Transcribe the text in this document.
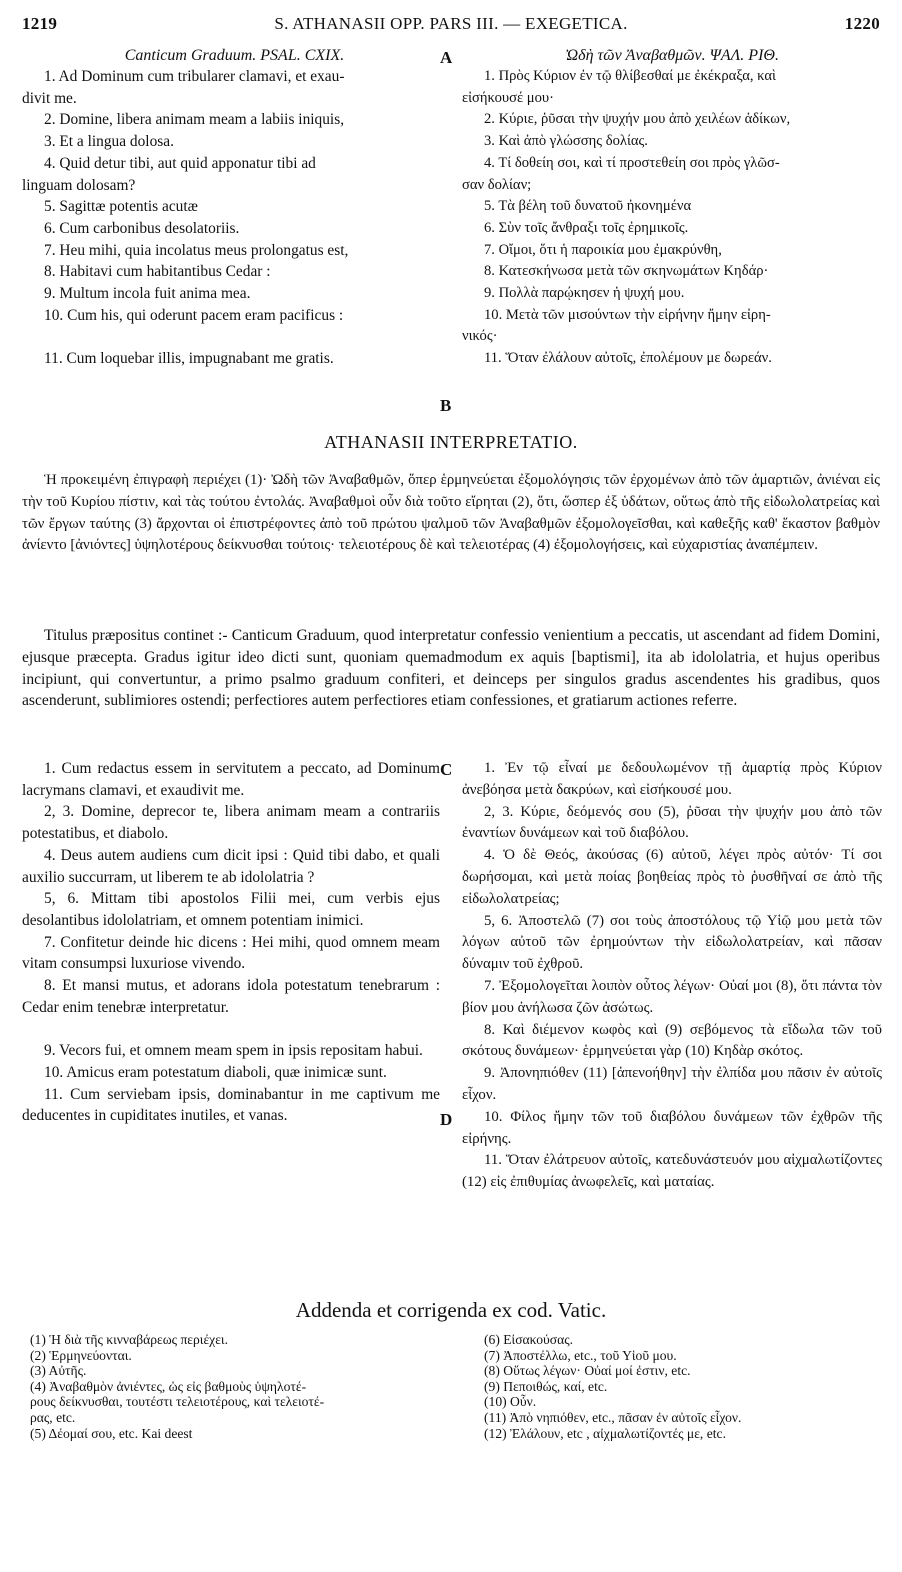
1219	S. ATHANASII OPP. PARS III. — EXEGETICA.	1220
Canticum Graduum. PSAL. CXIX.
1. Ad Dominum cum tribularer clamavi, et exau-
divit me.
2. Domine, libera animam meam a labiis iniquis,
3. Et a lingua dolosa.
4. Quid detur tibi, aut quid apponatur tibi ad
linguam dolosam?
5. Sagittæ potentis acutæ
6. Cum carbonibus desolatoriis.
7. Heu mihi, quia incolatus meus prolongatus est,
8. Habitavi cum habitantibus Cedar :
9. Multum incola fuit anima mea.
10. Cum his, qui oderunt pacem eram pacificus :
11. Cum loquebar illis, impugnabant me gratis.
A
B
Ὠδὴ τῶν Ἀναβαθμῶν. ΨΑΛ. ΡΙΘ.
1. Πρὸς Κύριον ἐν τῷ θλίβεσθαί με ἐκέκραξα, καὶ
εἰσήκουσέ μου·
2. Κύριε, ῥῦσαι τὴν ψυχήν μου ἀπὸ χειλέων ἀδίκων,
3. Καὶ ἀπὸ γλώσσης δολίας.
4. Τί δοθείη σοι, καὶ τί προστεθείη σοι πρὸς γλῶσ-
σαν δολίαν;
5. Τὰ βέλη τοῦ δυνατοῦ ἠκονημένα
6. Σὺν τοῖς ἄνθραξι τοῖς ἐρημικοῖς.
7. Οἴμοι, ὅτι ἡ παροικία μου ἐμακρύνθη,
8. Κατεσκήνωσα μετὰ τῶν σκηνωμάτων Κηδάρ·
9. Πολλὰ παρῴκησεν ἡ ψυχή μου.
10. Μετὰ τῶν μισούντων τὴν εἰρήνην ἤμην εἰρη-
νικός·
11. Ὅταν ἐλάλουν αὐτοῖς, ἐπολέμουν με δωρεάν.
ATHANASII INTERPRETATIO.
Ἡ προκειμένη ἐπιγραφὴ περιέχει (1)· Ὠδὴ τῶν Ἀναβαθμῶν, ὅπερ ἑρμηνεύεται ἐξομολόγησις τῶν ἐρχομένων ἀπὸ τῶν ἁμαρτιῶν, ἀνιέναι εἰς τὴν τοῦ Κυρίου πίστιν, καὶ τὰς τούτου ἐντολάς. Ἀναβαθμοὶ οὖν διὰ τοῦτο εἴρηται (2), ὅτι, ὥσπερ ἐξ ὑδάτων, οὕτως ἀπὸ τῆς εἰδωλολατρείας καὶ τῶν ἔργων ταύτης (3) ἄρχονται οἱ ἐπιστρέφοντες ἀπὸ τοῦ πρώτου ψαλμοῦ τῶν Ἀναβαθμῶν ἐξομολογεῖσθαι, καὶ καθεξῆς καθ' ἕκαστον βαθμὸν ἀνίεντο [ἀνιόντες] ὑψηλοτέρους δείκνυσθαι τούτοις· τελειοτέρους δὲ καὶ τελειοτέρας (4) ἐξομολογήσεις, καὶ εὐχαριστίας ἀναπέμπειν.
Titulus præpositus continet :- Canticum Graduum, quod interpretatur confessio venientium a peccatis, ut ascendant ad fidem Domini, ejusque præcepta. Gradus igitur ideo dicti sunt, quoniam quemadmodum ex aquis [baptismi], ita ab idololatria, et hujus operibus incipiunt, qui convertuntur, a primo psalmo graduum confiteri, et deinceps per singulos gradus ascendentes his gradibus, quos ascenderunt, sublimiores ostendi; perfectiores autem perfectiores etiam confessiones, et gratiarum actiones referre.
C
D
1. Cum redactus essem in servitutem a peccato, ad Dominum lacrymans clamavi, et exaudivit me.
2, 3. Domine, deprecor te, libera animam meam a contrariis potestatibus, et diabolo.
4. Deus autem audiens cum dicit ipsi : Quid tibi dabo, et quali auxilio succurram, ut liberem te ab idololatria ?
5, 6. Mittam tibi apostolos Filii mei, cum verbis ejus desolantibus idololatriam, et omnem potentiam inimici.
7. Confitetur deinde hic dicens : Hei mihi, quod omnem meam vitam consumpsi luxuriose vivendo.
8. Et mansi mutus, et adorans idola potestatum tenebrarum : Cedar enim tenebræ interpretatur.
9. Vecors fui, et omnem meam spem in ipsis repositam habui.
10. Amicus eram potestatum diaboli, quæ inimicæ sunt.
11. Cum serviebam ipsis, dominabantur in me captivum me deducentes in cupiditates inutiles, et vanas.
1. Ἐν τῷ εἶναί με δεδουλωμένον τῇ ἁμαρτίᾳ πρὸς Κύριον ἀνεβόησα μετὰ δακρύων, καὶ εἰσήκουσέ μου.
2, 3. Κύριε, δεόμενός σου (5), ῥῦσαι τὴν ψυχήν μου ἀπὸ τῶν ἐναντίων δυνάμεων καὶ τοῦ διαβόλου.
4. Ὁ δὲ Θεός, ἀκούσας (6) αὐτοῦ, λέγει πρὸς αὐτόν· Τί σοι δωρήσομαι, καὶ μετὰ ποίας βοηθείας πρὸς τὸ ῥυσθῆναί σε ἀπὸ τῆς εἰδωλολατρείας;
5, 6. Ἀποστελῶ (7) σοι τοὺς ἀποστόλους τῷ Υἱῷ μου μετὰ τῶν λόγων αὐτοῦ τῶν ἐρημούντων τὴν εἰδωλολατρείαν, καὶ πᾶσαν δύναμιν τοῦ ἐχθροῦ.
7. Ἐξομολογεῖται λοιπὸν οὗτος λέγων· Οὐαί μοι (8), ὅτι πάντα τὸν βίον μου ἀνήλωσα ζῶν ἀσώτως.
8. Καὶ διέμενον κωφὸς καὶ (9) σεβόμενος τὰ εἴδωλα τῶν τοῦ σκότους δυνάμεων· ἑρμηνεύεται γὰρ (10) Κηδὰρ σκότος.
9. Ἀπονηπιόθεν (11) [ἀπενοήθην] τὴν ἐλπίδα μου πᾶσιν ἐν αὐτοῖς εἶχον.
10. Φίλος ἤμην τῶν τοῦ διαβόλου δυνάμεων τῶν ἐχθρῶν τῆς εἰρήνης.
11. Ὅταν ἐλάτρευον αὐτοῖς, κατεδυνάστευόν μου αἰχμαλωτίζοντες (12) εἰς ἐπιθυμίας ἀνωφελεῖς, καὶ ματαίας.
Addenda et corrigenda ex cod. Vatic.
(1) Ἡ διὰ τῆς κινναβάρεως περιέχει.
(2) Ἑρμηνεύονται.
(3) Αὐτῆς.
(4) Ἀναβαθμὸν ἀνιέντες, ὡς εἰς βαθμοὺς ὑψηλοτέ-
ρους δείκνυσθαι, τουτέστι τελειοτέρους, καὶ τελειοτέ-
ρας, etc.
(5) Δέομαί σου, etc. Kai deest
(6) Εἰσακούσας.
(7) Ἀποστέλλω, etc., τοῦ Υἱοῦ μου.
(8) Οὕτως λέγων· Οὐαί μοί ἐστιν, etc.
(9) Πεποιθώς, καί, etc.
(10) Οὖν.
(11) Ἀπὸ νηπιόθεν, etc., πᾶσαν ἐν αὐτοῖς εἶχον.
(12) Ἐλάλουν, etc , αἰχμαλωτίζοντές με, etc.
